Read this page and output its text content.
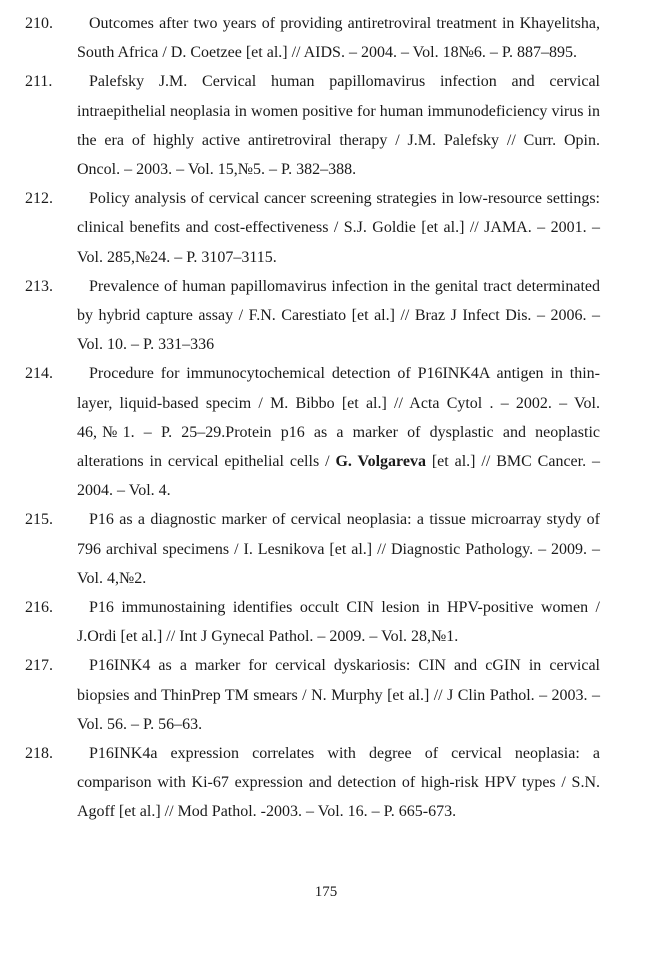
210. Outcomes after two years of providing antiretroviral treatment in Khayelitsha, South Africa / D. Coetzee [et al.] // AIDS. – 2004. – Vol. 18№6. – P. 887–895.

211. Palefsky J.M. Cervical human papillomavirus infection and cervical intraepithelial neoplasia in women positive for human immunodeficiency virus in the era of highly active antiretroviral therapy / J.M. Palefsky // Curr. Opin. Oncol. – 2003. – Vol. 15,№5. – P. 382–388.

212. Policy analysis of cervical cancer screening strategies in low-resource settings: clinical benefits and cost-effectiveness / S.J. Goldie [et al.] // JAMA. – 2001. – Vol. 285,№24. – P. 3107–3115.

213. Prevalence of human papillomavirus infection in the genital tract determinated by hybrid capture assay / F.N. Carestiato [et al.] // Braz J Infect Dis. – 2006. – Vol. 10. – P. 331–336

214. Procedure for immunocytochemical detection of P16INK4A antigen in thin-layer, liquid-based specim / M. Bibbo [et al.] // Acta Cytol . – 2002. – Vol. 46,№1. – P. 25–29.Protein p16 as a marker of dysplastic and neoplastic alterations in cervical epithelial cells / G. Volgareva [et al.] // BMC Cancer. – 2004. – Vol. 4.

215. P16 as a diagnostic marker of cervical neoplasia: a tissue microarray stydy of 796 archival specimens / I. Lesnikova [et al.] // Diagnostic Pathology. – 2009. – Vol. 4,№2.

216. P16 immunostaining identifies occult CIN lesion in HPV-positive women / J.Ordi [et al.] // Int J Gynecal Pathol. – 2009. – Vol. 28,№1.

217. P16INK4 as a marker for cervical dyskariosis: CIN and cGIN in cervical biopsies and ThinPrep TM smears / N. Murphy [et al.] // J Clin Pathol. – 2003. – Vol. 56. – P. 56–63.

218. P16INK4a expression correlates with degree of cervical neoplasia: a comparison with Ki-67 expression and detection of high-risk HPV types / S.N. Agoff [et al.] // Mod Pathol. -2003. – Vol. 16. – P. 665-673.

175
